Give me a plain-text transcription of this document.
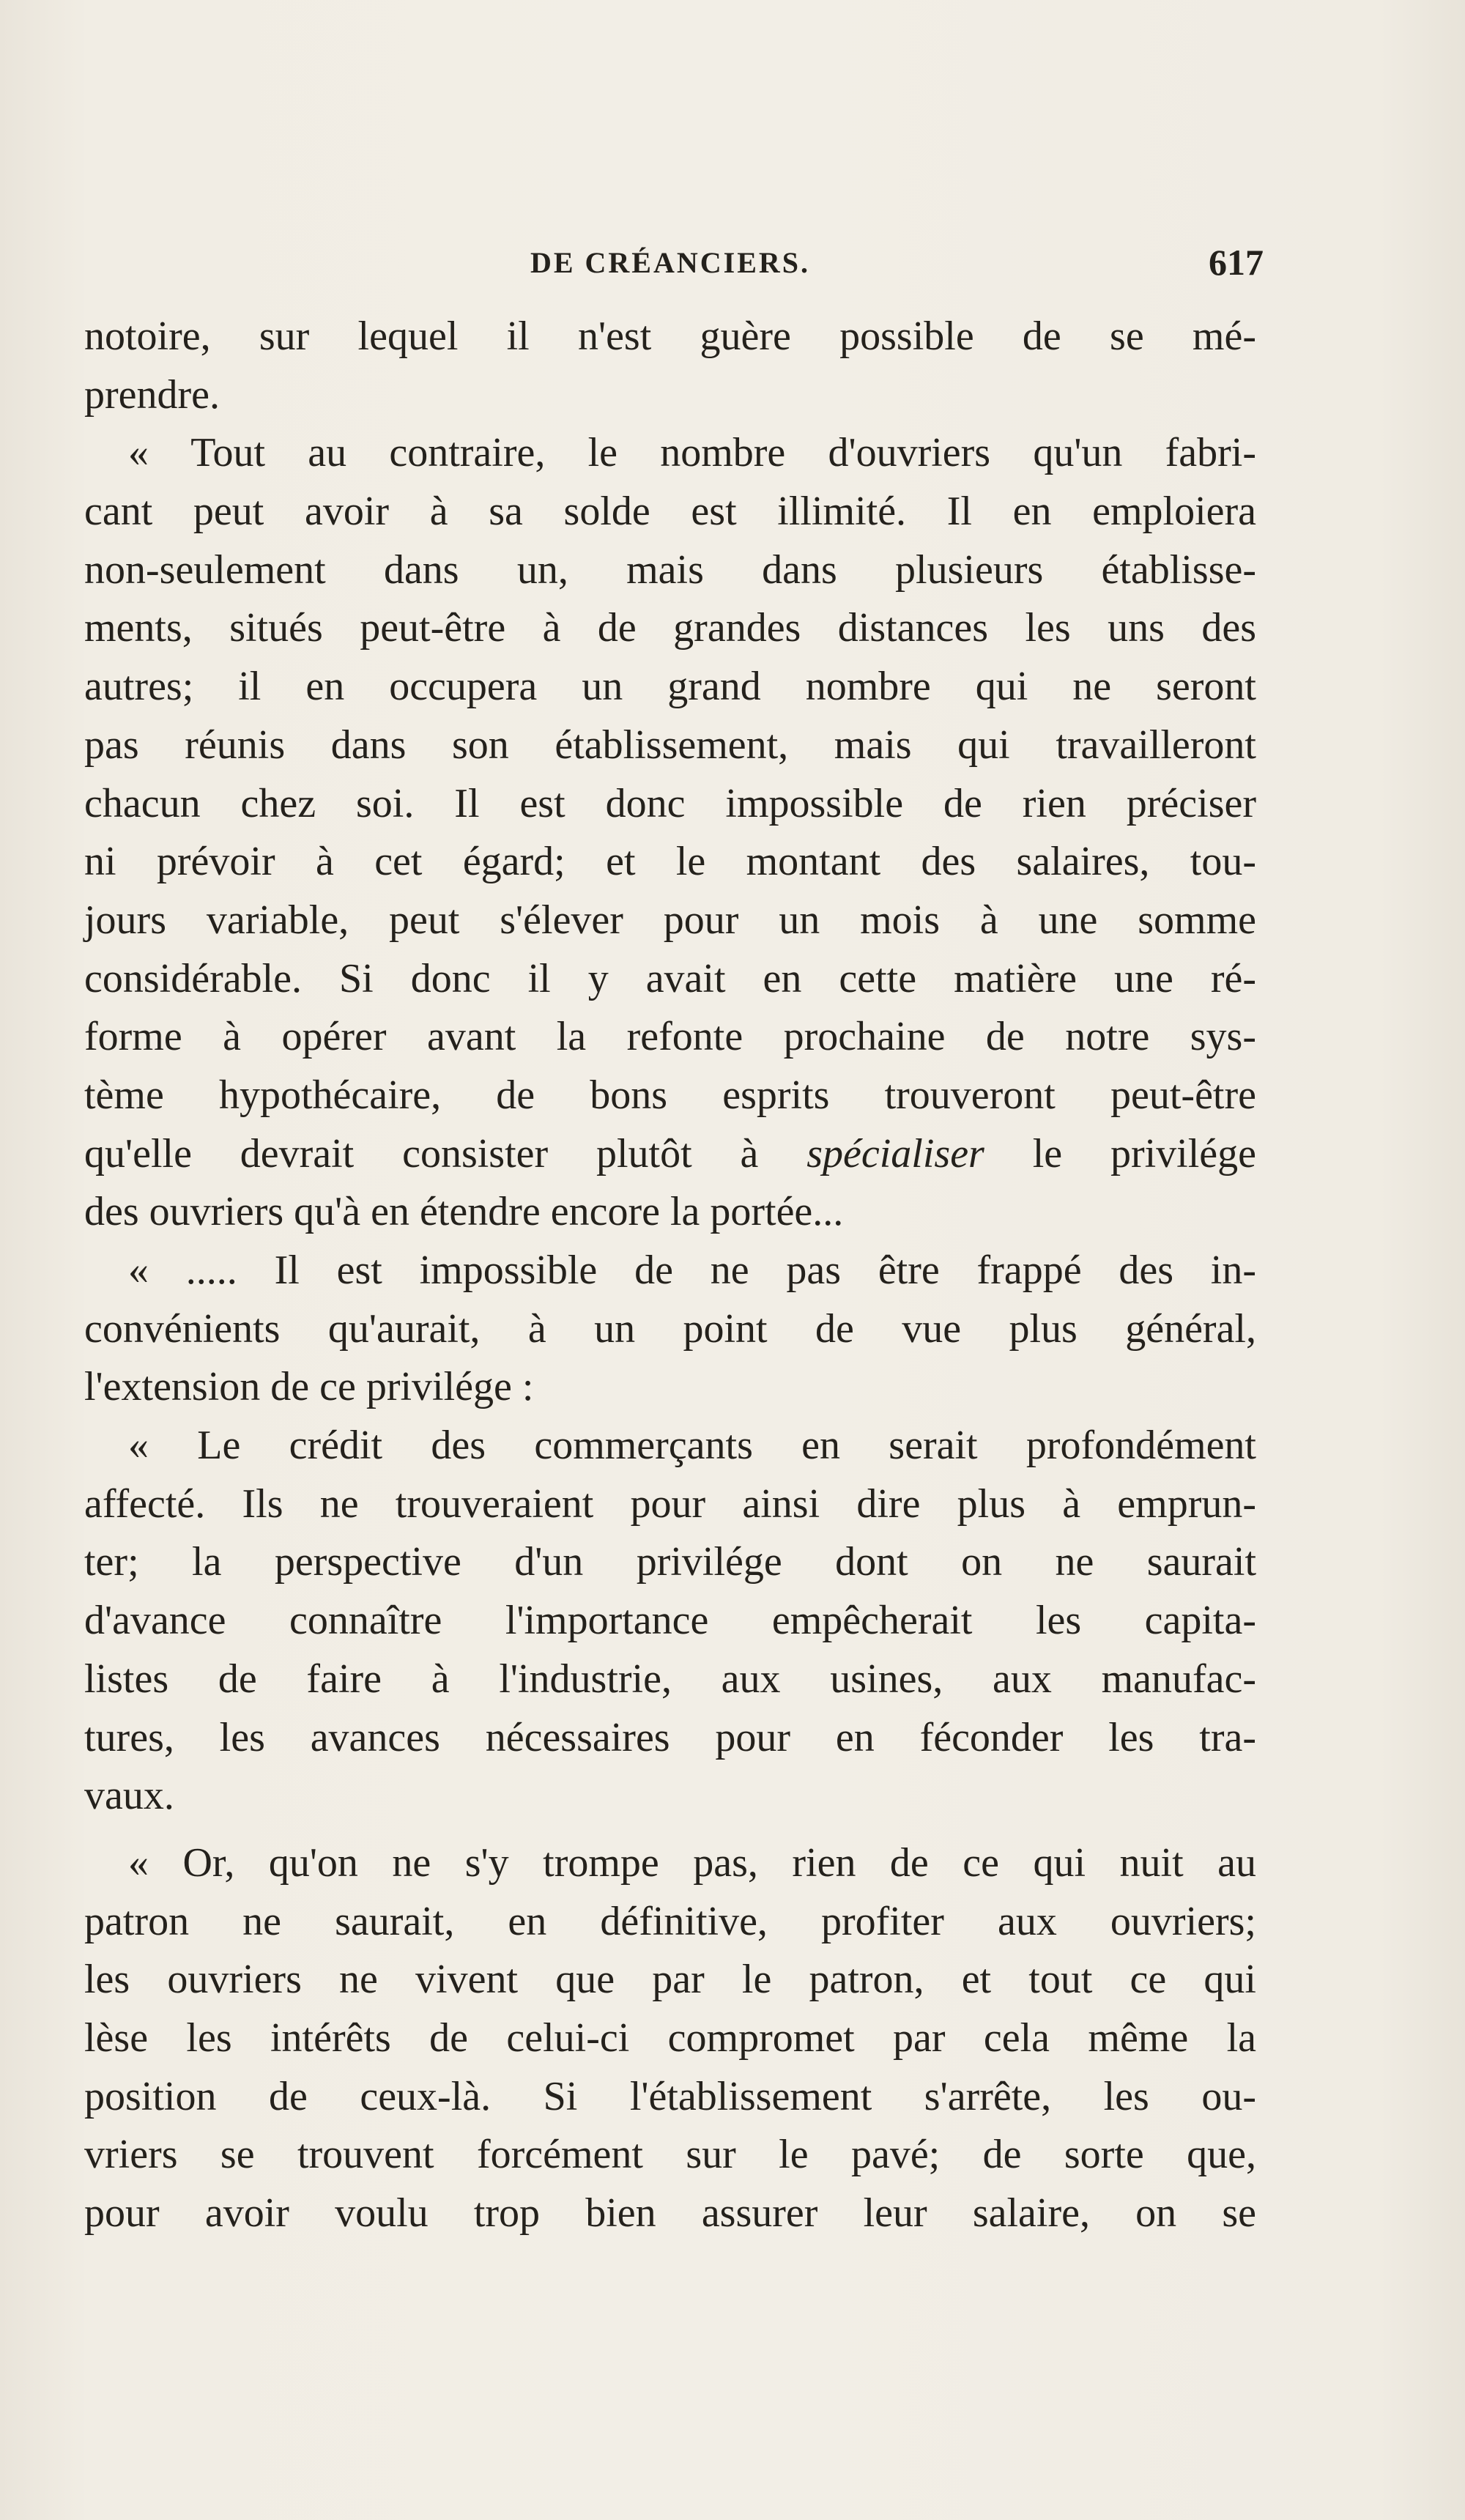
DE CRÉANCIERS.	617
notoire, sur lequel il n'est guère possible de se mé-
prendre.
« Tout au contraire, le nombre d'ouvriers qu'un fabri-
cant peut avoir à sa solde est illimité. Il en emploiera
non-seulement dans un, mais dans plusieurs établisse-
ments, situés peut-être à de grandes distances les uns des
autres; il en occupera un grand nombre qui ne seront
pas réunis dans son établissement, mais qui travailleront
chacun chez soi. Il est donc impossible de rien préciser
ni prévoir à cet égard; et le montant des salaires, tou-
jours variable, peut s'élever pour un mois à une somme
considérable. Si donc il y avait en cette matière une ré-
forme à opérer avant la refonte prochaine de notre sys-
tème hypothécaire, de bons esprits trouveront peut-être
qu'elle devrait consister plutôt à spécialiser le privilége
des ouvriers qu'à en étendre encore la portée...
« ..... Il est impossible de ne pas être frappé des in-
convénients qu'aurait, à un point de vue plus général,
l'extension de ce privilége :
« Le crédit des commerçants en serait profondément
affecté. Ils ne trouveraient pour ainsi dire plus à emprun-
ter; la perspective d'un privilége dont on ne saurait
d'avance connaître l'importance empêcherait les capita-
listes de faire à l'industrie, aux usines, aux manufac-
tures, les avances nécessaires pour en féconder les tra-
vaux.
« Or, qu'on ne s'y trompe pas, rien de ce qui nuit au
patron ne saurait, en définitive, profiter aux ouvriers;
les ouvriers ne vivent que par le patron, et tout ce qui
lèse les intérêts de celui-ci compromet par cela même la
position de ceux-là. Si l'établissement s'arrête, les ou-
vriers se trouvent forcément sur le pavé; de sorte que,
pour avoir voulu trop bien assurer leur salaire, on se
